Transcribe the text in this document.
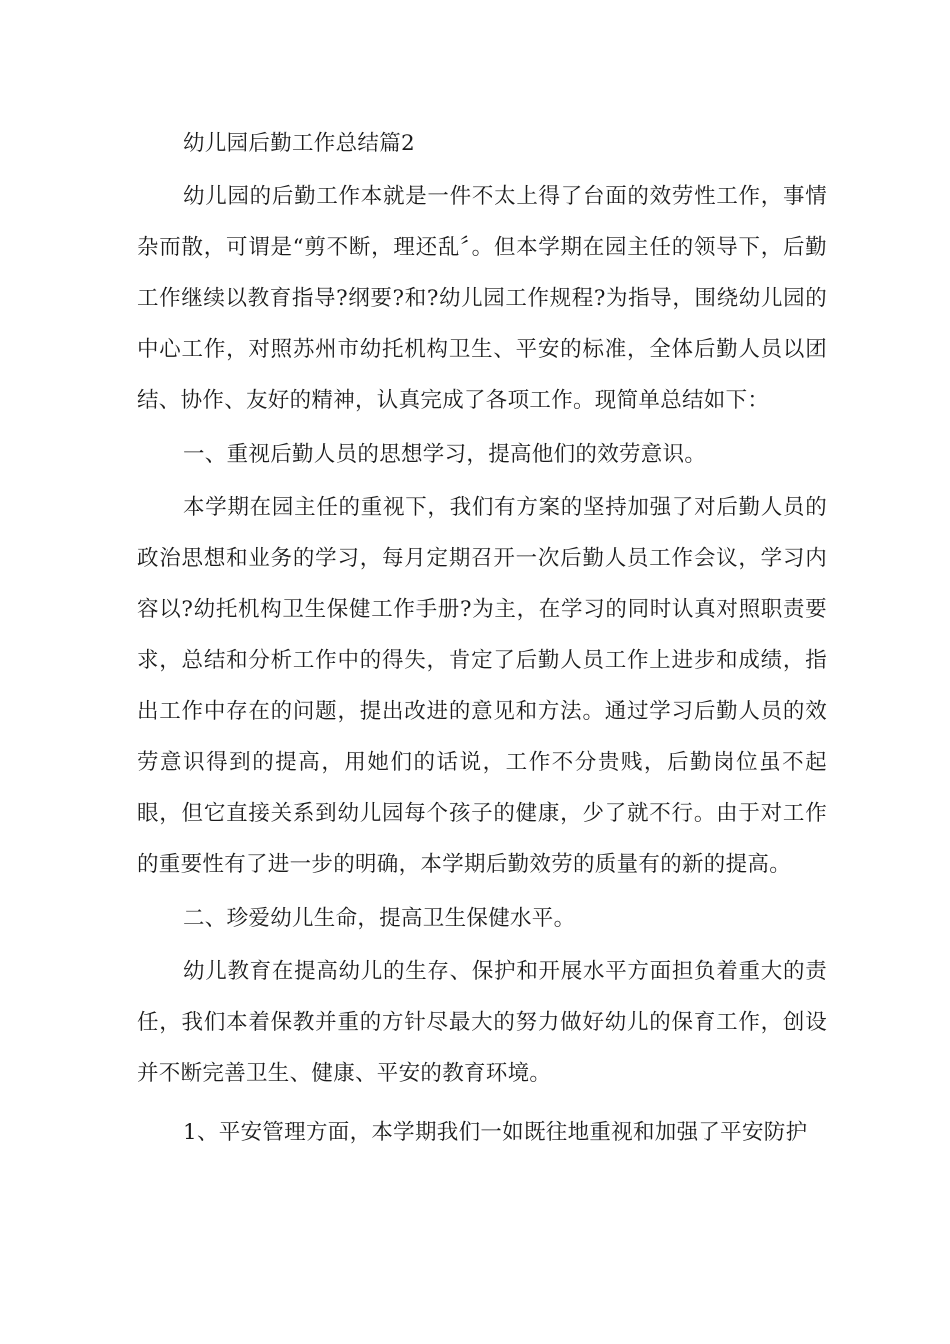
幼儿园后勤工作总结篇2

幼儿园的后勤工作本就是一件不太上得了台面的效劳性工作，事情杂而散，可谓是“剪不断，理还乱〞。但本学期在园主任的领导下，后勤工作继续以教育指导?纲要?和?幼儿园工作规程?为指导，围绕幼儿园的中心工作，对照苏州市幼托机构卫生、平安的标准，全体后勤人员以团结、协作、友好的精神，认真完成了各项工作。现简单总结如下：

一、重视后勤人员的思想学习，提高他们的效劳意识。

本学期在园主任的重视下，我们有方案的坚持加强了对后勤人员的政治思想和业务的学习，每月定期召开一次后勤人员工作会议，学习内容以?幼托机构卫生保健工作手册?为主，在学习的同时认真对照职责要求，总结和分析工作中的得失，肯定了后勤人员工作上进步和成绩，指出工作中存在的问题，提出改进的意见和方法。通过学习后勤人员的效劳意识得到的提高，用她们的话说，工作不分贵贱，后勤岗位虽不起眼，但它直接关系到幼儿园每个孩子的健康，少了就不行。由于对工作的重要性有了进一步的明确，本学期后勤效劳的质量有的新的提高。

二、珍爱幼儿生命，提高卫生保健水平。

幼儿教育在提高幼儿的生存、保护和开展水平方面担负着重大的责任，我们本着保教并重的方针尽最大的努力做好幼儿的保育工作，创设并不断完善卫生、健康、平安的教育环境。

1、平安管理方面，本学期我们一如既往地重视和加强了平安防护
